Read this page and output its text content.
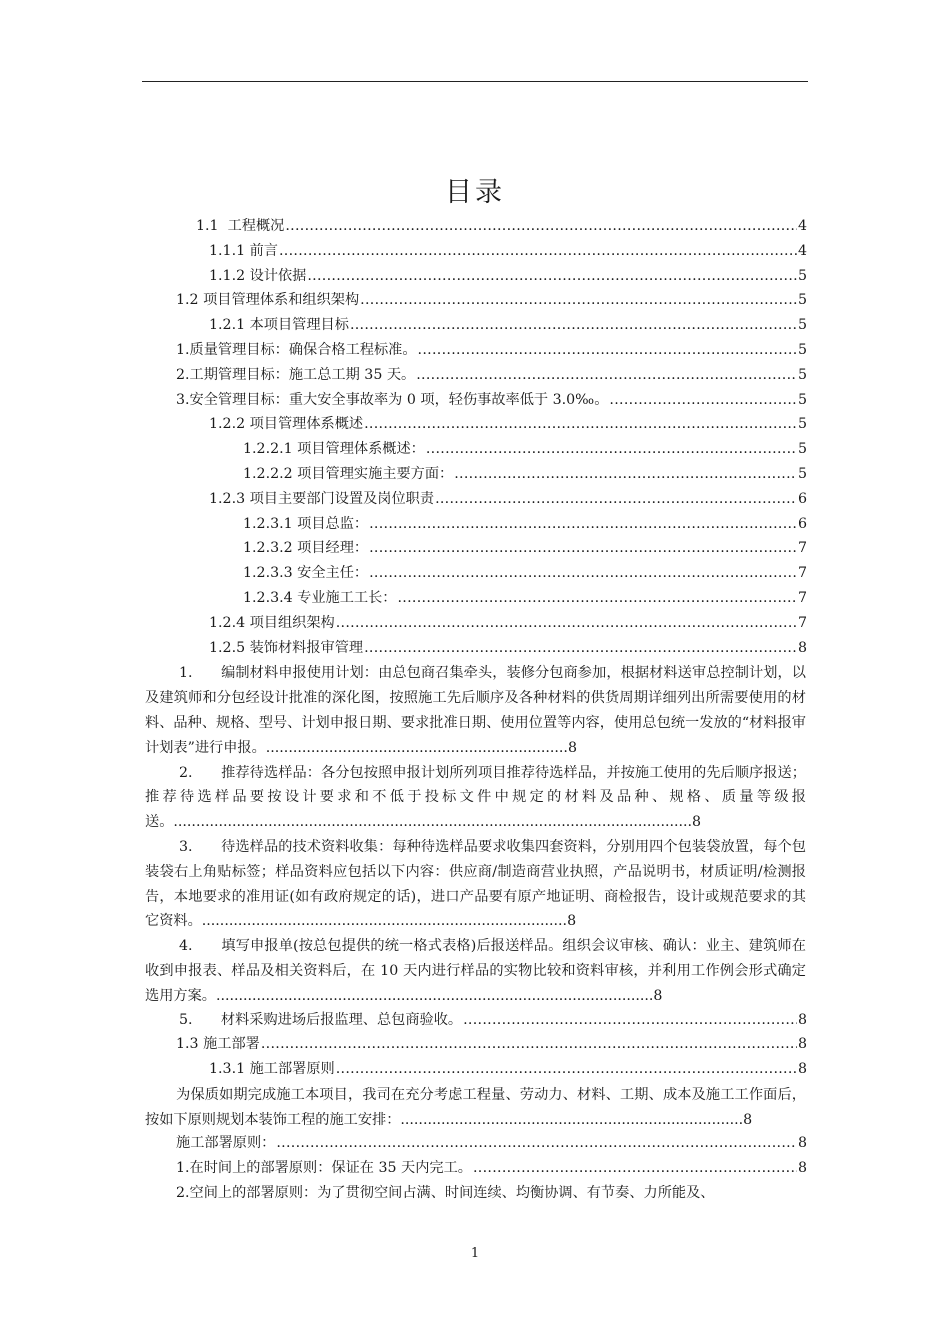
目录
1.1  工程概况 .....	4
1.1.1 前言 .....	4
1.1.2 设计依据 .....	5
1.2 项目管理体系和组织架构 .....	5
1.2.1 本项目管理目标 .....	5
1.质量管理目标：确保合格工程标准。 .....	5
2.工期管理目标：施工总工期 35 天。 .....	5
3.安全管理目标：重大安全事故率为 0 项，轻伤事故率低于 3.0‰。 .....	5
1.2.2 项目管理体系概述 .....	5
1.2.2.1 项目管理体系概述： .....	5
1.2.2.2 项目管理实施主要方面： .....	5
1.2.3 项目主要部门设置及岗位职责 .....	6
1.2.3.1 项目总监： .....	6
1.2.3.2 项目经理： .....	7
1.2.3.3 安全主任： .....	7
1.2.3.4 专业施工工长： .....	7
1.2.4 项目组织架构 .....	7
1.2.5 装饰材料报审管理 .....	8
1.　　编制材料申报使用计划：由总包商召集牵头，装修分包商参加，根据材料送审总控制计划，以及建筑师和分包经设计批准的深化图，按照施工先后顺序及各种材料的供货周期详细列出所需要使用的材料、品种、规格、型号、计划申报日期、要求批准日期、使用位置等内容，使用总包统一发放的“材料报审计划表”进行申报。...................................................................8
2.　　推荐待选样品：各分包按照申报计划所列项目推荐待选样品，并按施工使用的先后顺序报送；推荐待选样品要按设计要求和不低于投标文件中规定的材料及品种、规格、质量等级报送。...................................................................................................................8
3.　　待选样品的技术资料收集：每种待选样品要求收集四套资料，分别用四个包装袋放置，每个包装袋右上角贴标签；样品资料应包括以下内容：供应商/制造商营业执照，产品说明书，材质证明/检测报告，本地要求的准用证(如有政府规定的话)，进口产品要有原产地证明、商检报告，设计或规范要求的其它资料。.................................................................................8
4.　　填写申报单(按总包提供的统一格式表格)后报送样品。组织会议审核、确认：业主、建筑师在收到申报表、样品及相关资料后，在 10 天内进行样品的实物比较和资料审核，并利用工作例会形式确定选用方案。.................................................................................................8
5.　　材料采购进场后报监理、总包商验收。 .....	8
1.3 施工部署 .....	8
1.3.1 施工部署原则 .....	8
为保质如期完成施工本项目，我司在充分考虑工程量、劳动力、材料、工期、成本及施工工作面后，按如下原则规划本装饰工程的施工安排：............................................................................8
施工部署原则： .....	8
1.在时间上的部署原则：保证在 35 天内完工。 .....	8
2.空间上的部署原则：为了贯彻空间占满、时间连续、均衡协调、有节奏、力所能及、
1
